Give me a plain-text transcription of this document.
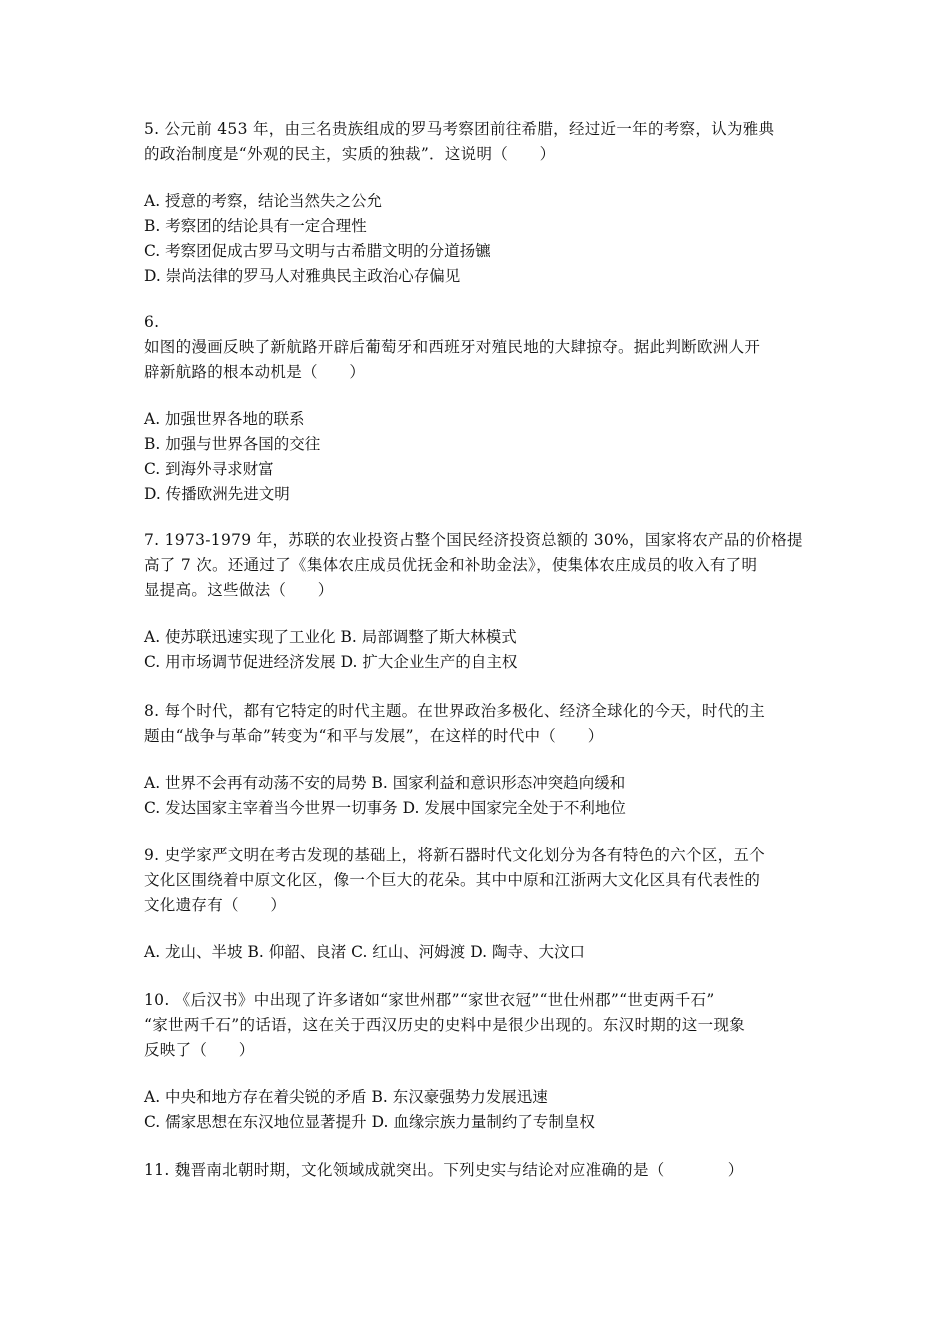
5. 公元前 453 年，由三名贵族组成的罗马考察团前往希腊，经过近一年的考察，认为雅典
的政治制度是“外观的民主，实质的独裁”．这说明（　　）

A. 授意的考察，结论当然失之公允
B. 考察团的结论具有一定合理性
C. 考察团促成古罗马文明与古希腊文明的分道扬镳
D. 崇尚法律的罗马人对雅典民主政治心存偏见

6.
如图的漫画反映了新航路开辟后葡萄牙和西班牙对殖民地的大肆掠夺。据此判断欧洲人开
辟新航路的根本动机是（　　）

A. 加强世界各地的联系
B. 加强与世界各国的交往
C. 到海外寻求财富
D. 传播欧洲先进文明

7. 1973-1979 年，苏联的农业投资占整个国民经济投资总额的 30%，国家将农产品的价格提
高了 7 次。还通过了《集体农庄成员优抚金和补助金法》，使集体农庄成员的收入有了明
显提高。这些做法（　　）

A. 使苏联迅速实现了工业化 B. 局部调整了斯大林模式
C. 用市场调节促进经济发展 D. 扩大企业生产的自主权

8. 每个时代，都有它特定的时代主题。在世界政治多极化、经济全球化的今天，时代的主
题由“战争与革命”转变为“和平与发展”，在这样的时代中（　　）

A. 世界不会再有动荡不安的局势 B. 国家利益和意识形态冲突趋向缓和
C. 发达国家主宰着当今世界一切事务 D. 发展中国家完全处于不利地位

9. 史学家严文明在考古发现的基础上，将新石器时代文化划分为各有特色的六个区，五个
文化区围绕着中原文化区，像一个巨大的花朵。其中中原和江浙两大文化区具有代表性的
文化遗存有（　　）

A. 龙山、半坡 B. 仰韶、良渚 C. 红山、河姆渡 D. 陶寺、大汶口

10. 《后汉书》中出现了许多诸如“家世州郡”“家世衣冠”“世仕州郡”“世吏两千石”
“家世两千石”的话语，这在关于西汉历史的史料中是很少出现的。东汉时期的这一现象
反映了（　　）

A. 中央和地方存在着尖锐的矛盾 B. 东汉豪强势力发展迅速
C. 儒家思想在东汉地位显著提升 D. 血缘宗族力量制约了专制皇权

11. 魏晋南北朝时期，文化领域成就突出。下列史实与结论对应准确的是（　　　　）
